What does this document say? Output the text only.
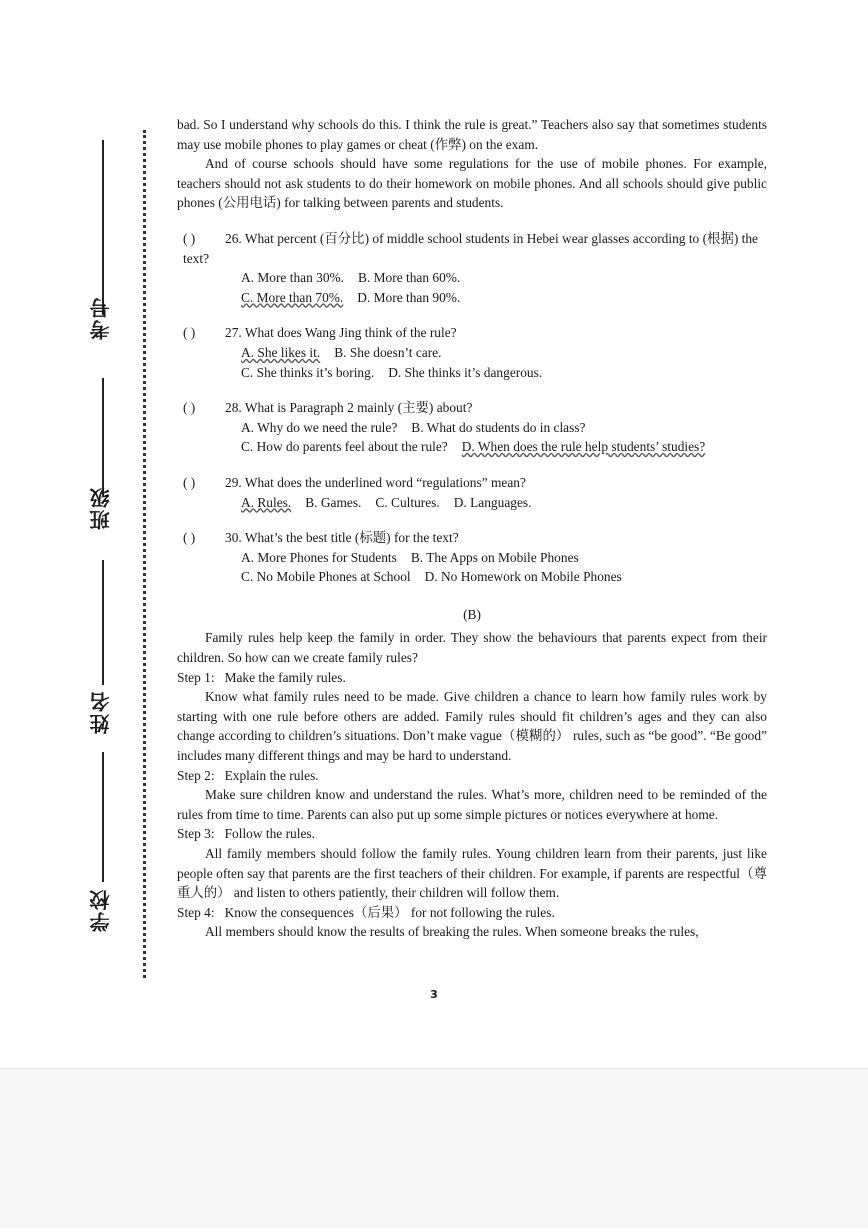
考号
班级
姓名
学校

bad. So I understand why schools do this. I think the rule is great.” Teachers also say that sometimes students may use mobile phones to play games or cheat (作弊) on the exam.

And of course schools should have some regulations for the use of mobile phones. For example, teachers should not ask students to do their homework on mobile phones. And all schools should give public phones (公用电话) for talking between parents and students.

( ) 26. What percent (百分比) of middle school students in Hebei wear glasses according to (根据) the text?
A. More than 30%. B. More than 60%.
C. More than 70%. D. More than 90%.
( ) 27. What does Wang Jing think of the rule?
A. She likes it. B. She doesn’t care.
C. She thinks it’s boring. D. She thinks it’s dangerous.
( ) 28. What is Paragraph 2 mainly (主要) about?
A. Why do we need the rule? B. What do students do in class?
C. How do parents feel about the rule? D. When does the rule help students’ studies?
( ) 29. What does the underlined word “regulations” mean?
A. Rules. B. Games. C. Cultures. D. Languages.
( ) 30. What’s the best title (标题) for the text?
A. More Phones for Students B. The Apps on Mobile Phones
C. No Mobile Phones at School D. No Homework on Mobile Phones
(B)

Family rules help keep the family in order. They show the behaviours that parents expect from their children. So how can we create family rules?

Step 1: Make the family rules.

Know what family rules need to be made. Give children a chance to learn how family rules work by starting with one rule before others are added. Family rules should fit children’s ages and they can also change according to children’s situations. Don’t make vague（模糊的） rules, such as “be good”. “Be good” includes many different things and may be hard to understand.

Step 2: Explain the rules.

Make sure children know and understand the rules. What’s more, children need to be reminded of the rules from time to time. Parents can also put up some simple pictures or notices everywhere at home.

Step 3: Follow the rules.

All family members should follow the family rules. Young children learn from their parents, just like people often say that parents are the first teachers of their children. For example, if parents are respectful（尊重人的） and listen to others patiently, their children will follow them.

Step 4: Know the consequences（后果） for not following the rules.

All members should know the results of breaking the rules. When someone breaks the rules,

3
